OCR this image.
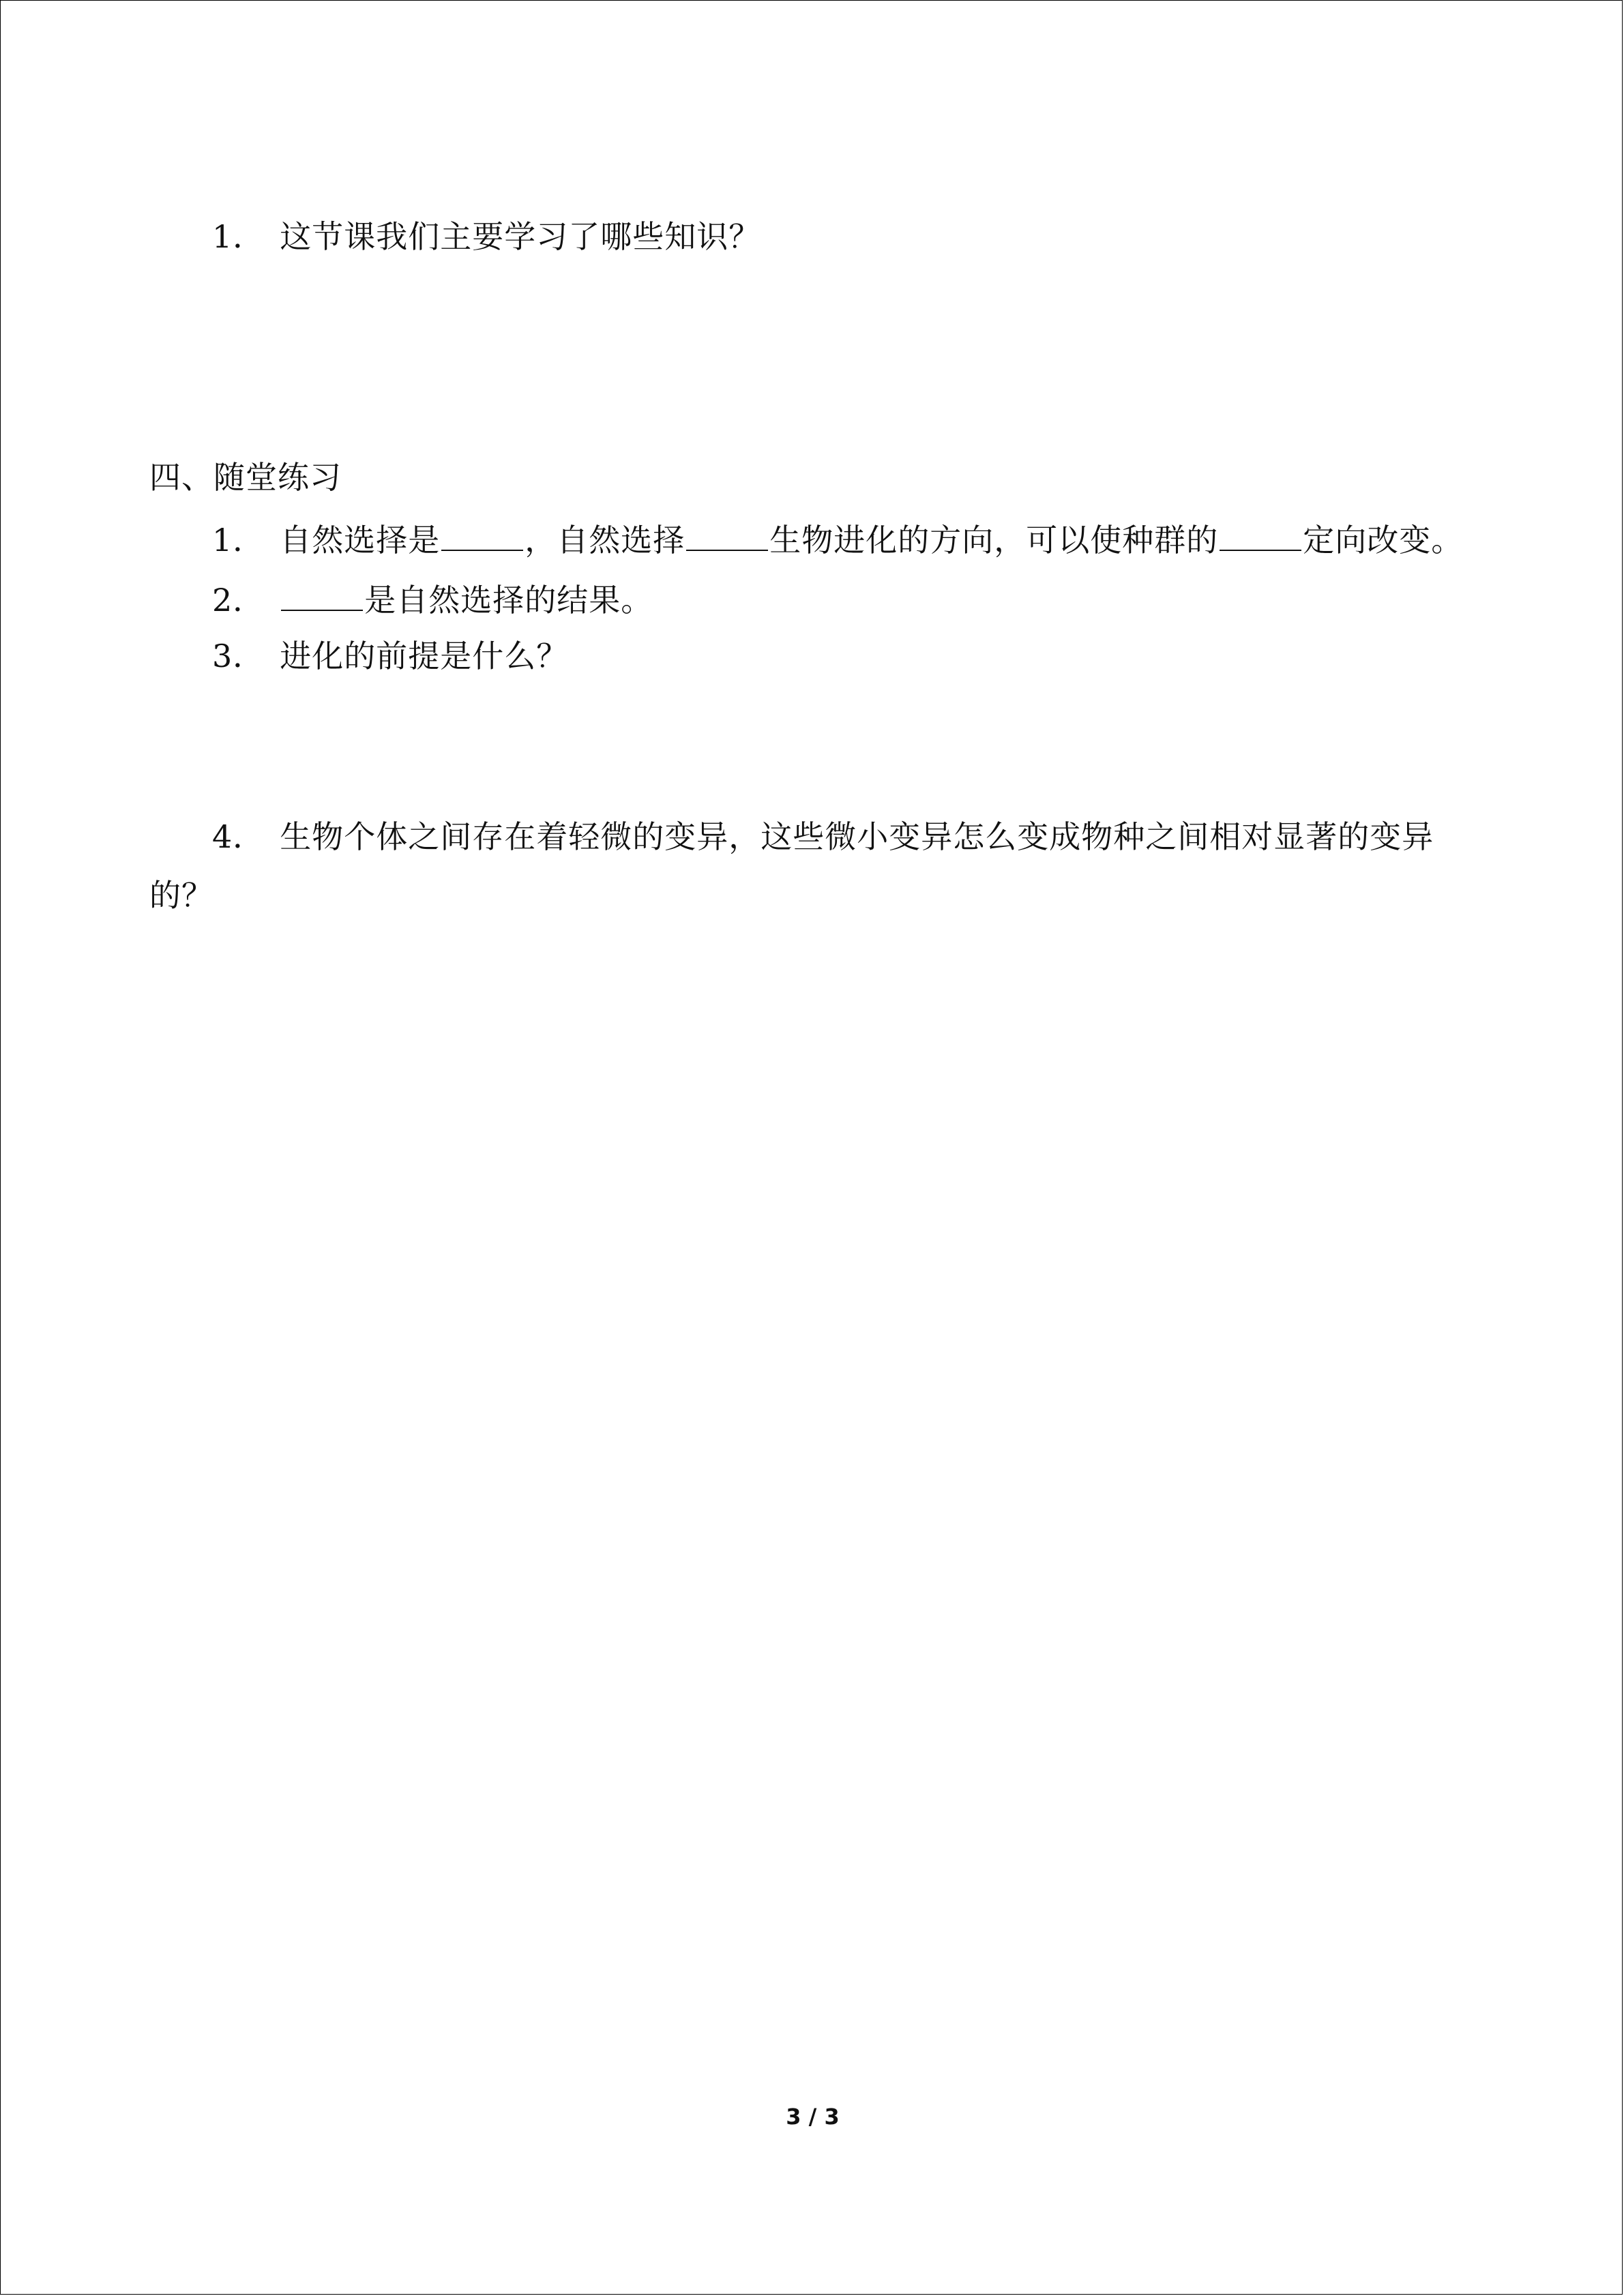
1． 这节课我们主要学习了哪些知识？
四、随堂练习
1． 自然选择是	，自然选择	生物进化的方向，可以使种群的	定向改变。
2．	是自然选择的结果。
3． 进化的前提是什么？
4． 生物个体之间存在着轻微的变异，这些微小变异怎么变成物种之间相对显著的变异
的？
3 / 3
